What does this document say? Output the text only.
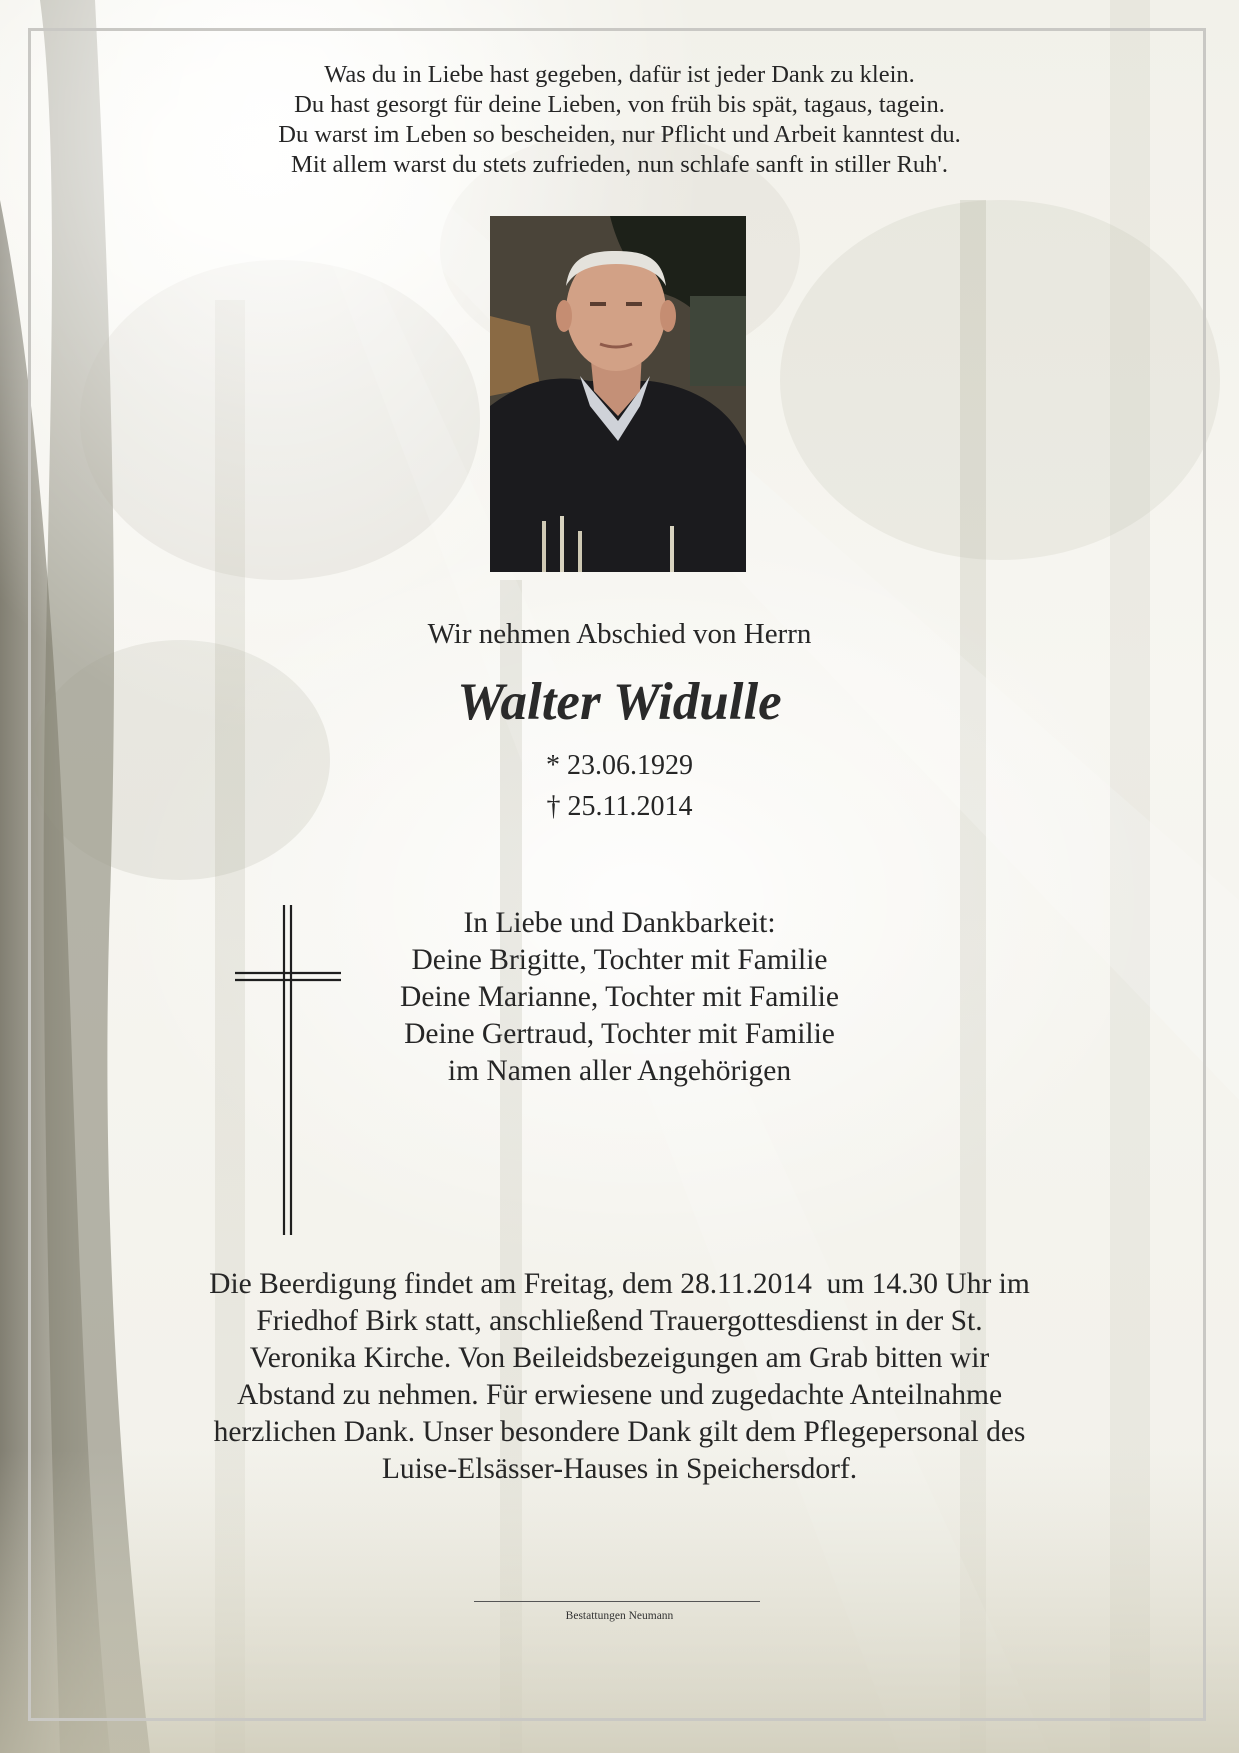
Was du in Liebe hast gegeben, dafür ist jeder Dank zu klein.
Du hast gesorgt für deine Lieben, von früh bis spät, tagaus, tagein.
Du warst im Leben so bescheiden, nur Pflicht und Arbeit kanntest du.
Mit allem warst du stets zufrieden, nun schlafe sanft in stiller Ruh'.
Wir nehmen Abschied von Herrn
Walter Widulle
* 23.06.1929
† 25.11.2014
In Liebe und Dankbarkeit:
Deine Brigitte, Tochter mit Familie
Deine Marianne, Tochter mit Familie
Deine Gertraud, Tochter mit Familie
im Namen aller Angehörigen
Die Beerdigung findet am Freitag, dem 28.11.2014  um 14.30 Uhr im
Friedhof Birk statt, anschließend Trauergottesdienst in der St.
Veronika Kirche. Von Beileidsbezeigungen am Grab bitten wir
Abstand zu nehmen. Für erwiesene und zugedachte Anteilnahme
herzlichen Dank. Unser besondere Dank gilt dem Pflegepersonal des
Luise-Elsässer-Hauses in Speichersdorf.
Bestattungen Neumann
